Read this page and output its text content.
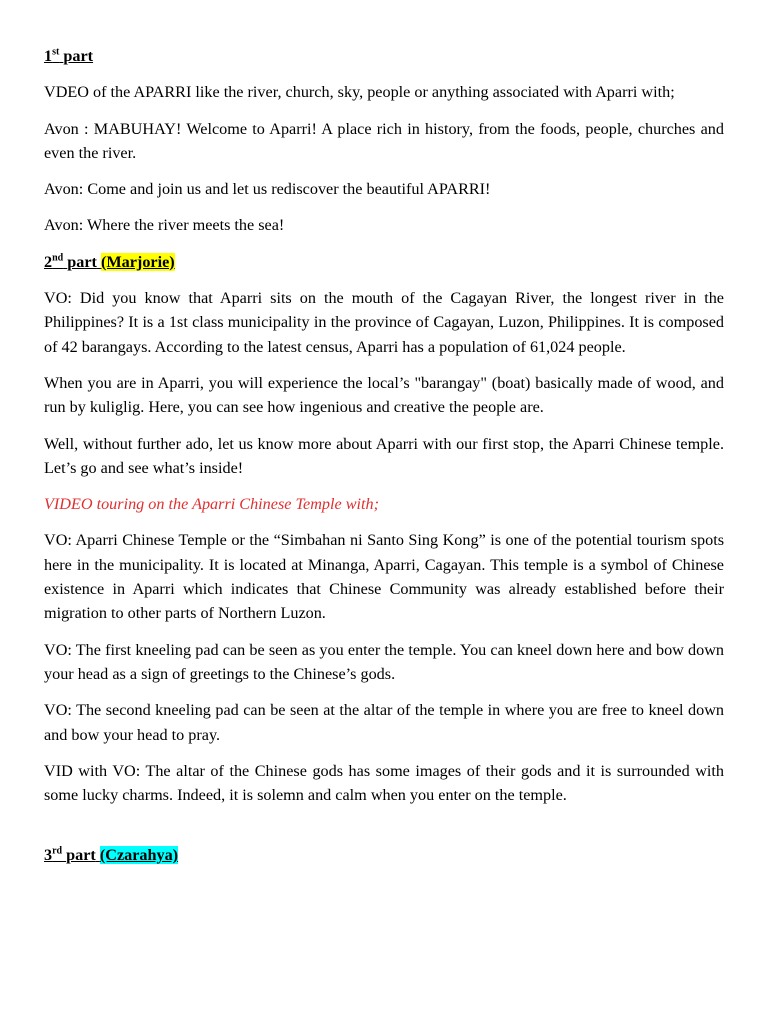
1st part

VDEO of the APARRI like the river, church, sky, people or anything associated with Aparri with;

Avon : MABUHAY! Welcome to Aparri! A place rich in history, from the foods, people, churches and even the river.

Avon: Come and join us and let us rediscover the beautiful APARRI!

Avon: Where the river meets the sea!

2nd part (Marjorie)

VO: Did you know that Aparri sits on the mouth of the Cagayan River, the longest river in the Philippines? It is a 1st class municipality in the province of Cagayan, Luzon, Philippines. It is composed of 42 barangays. According to the latest census, Aparri has a population of 61,024 people.

When you are in Aparri, you will experience the local’s "barangay" (boat) basically made of wood, and run by kuliglig. Here, you can see how ingenious and creative the people are.

Well, without further ado, let us know more about Aparri with our first stop, the Aparri Chinese temple. Let’s go and see what’s inside!

VIDEO touring on the Aparri Chinese Temple with;

VO: Aparri Chinese Temple or the “Simbahan ni Santo Sing Kong” is one of the potential tourism spots here in the municipality. It is located at Minanga, Aparri, Cagayan. This temple is a symbol of Chinese existence in Aparri which indicates that Chinese Community was already established before their migration to other parts of Northern Luzon.

VO: The first kneeling pad can be seen as you enter the temple. You can kneel down here and bow down your head as a sign of greetings to the Chinese’s gods.

VO: The second kneeling pad can be seen at the altar of the temple in where you are free to kneel down and bow your head to pray.

VID with VO: The altar of the Chinese gods has some images of their gods and it is surrounded with some lucky charms. Indeed, it is solemn and calm when you enter on the temple.

3rd part (Czarahya)
